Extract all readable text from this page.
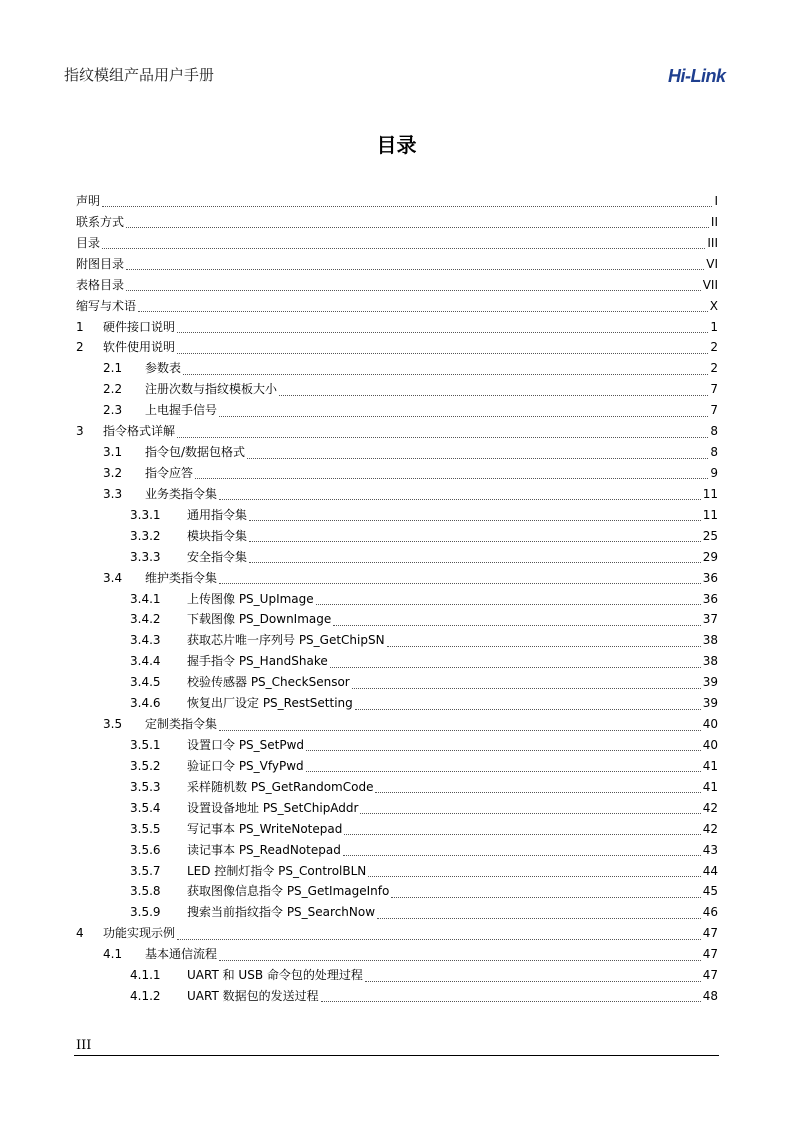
指纹模组产品用户手册	Hi-Link
目录
声明	I
联系方式	II
目录	III
附图目录	VI
表格目录	VII
缩写与术语	X
1	硬件接口说明	1
2	软件使用说明	2
2.1	参数表	2
2.2	注册次数与指纹模板大小	7
2.3	上电握手信号	7
3	指令格式详解	8
3.1	指令包/数据包格式	8
3.2	指令应答	9
3.3	业务类指令集	11
3.3.1	通用指令集	11
3.3.2	模块指令集	25
3.3.3	安全指令集	29
3.4	维护类指令集	36
3.4.1	上传图像 PS_UpImage	36
3.4.2	下载图像 PS_DownImage	37
3.4.3	获取芯片唯一序列号 PS_GetChipSN	38
3.4.4	握手指令 PS_HandShake	38
3.4.5	校验传感器 PS_CheckSensor	39
3.4.6	恢复出厂设定 PS_RestSetting	39
3.5	定制类指令集	40
3.5.1	设置口令 PS_SetPwd	40
3.5.2	验证口令 PS_VfyPwd	41
3.5.3	采样随机数 PS_GetRandomCode	41
3.5.4	设置设备地址 PS_SetChipAddr	42
3.5.5	写记事本 PS_WriteNotepad	42
3.5.6	读记事本 PS_ReadNotepad	43
3.5.7	LED 控制灯指令 PS_ControlBLN	44
3.5.8	获取图像信息指令 PS_GetImageInfo	45
3.5.9	搜索当前指纹指令 PS_SearchNow	46
4	功能实现示例	47
4.1	基本通信流程	47
4.1.1	UART 和 USB 命令包的处理过程	47
4.1.2	UART 数据包的发送过程	48
III
